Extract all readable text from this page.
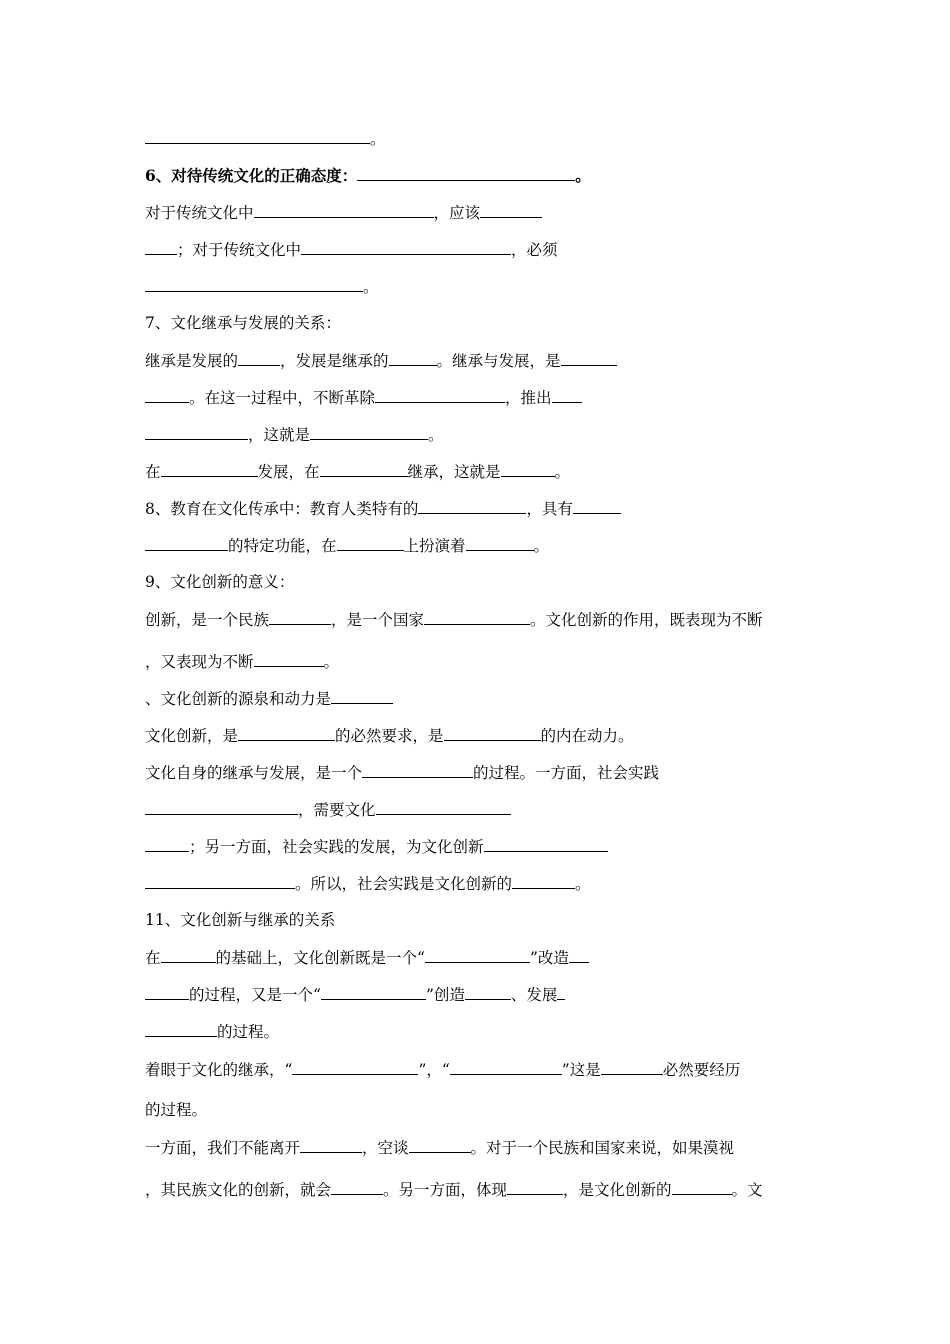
。
6、对待传统文化的正确态度：	。
对于传统文化中	，应该
；对于传统文化中	，必须
。
7、文化继承与发展的关系：
继承是发展的	，发展是继承的	。继承与发展，是
。在这一过程中，不断革除	，推出
，这就是	。
在	发展，在	继承，这就是	。
8、教育在文化传承中：教育人类特有的	，具有
的特定功能，在	上扮演着	。
9、文化创新的意义：
创新，是一个民族	，是一个国家	。文化创新的作用，既表现为不断
，又表现为不断	。
、文化创新的源泉和动力是
文化创新，是	的必然要求，是	的内在动力。
文化自身的继承与发展，是一个	的过程。一方面，社会实践
，需要文化
；另一方面，社会实践的发展，为文化创新
。所以，社会实践是文化创新的	。
11、文化创新与继承的关系
在	的基础上，文化创新既是一个“	”改造
的过程，又是一个“	”创造	、发展
的过程。
着眼于文化的继承，“	”，“	”这是	必然要经历
的过程。
一方面，我们不能离开	，空谈	。对于一个民族和国家来说，如果漠视
，其民族文化的创新，就会	。另一方面，体现	，是文化创新的	。文
